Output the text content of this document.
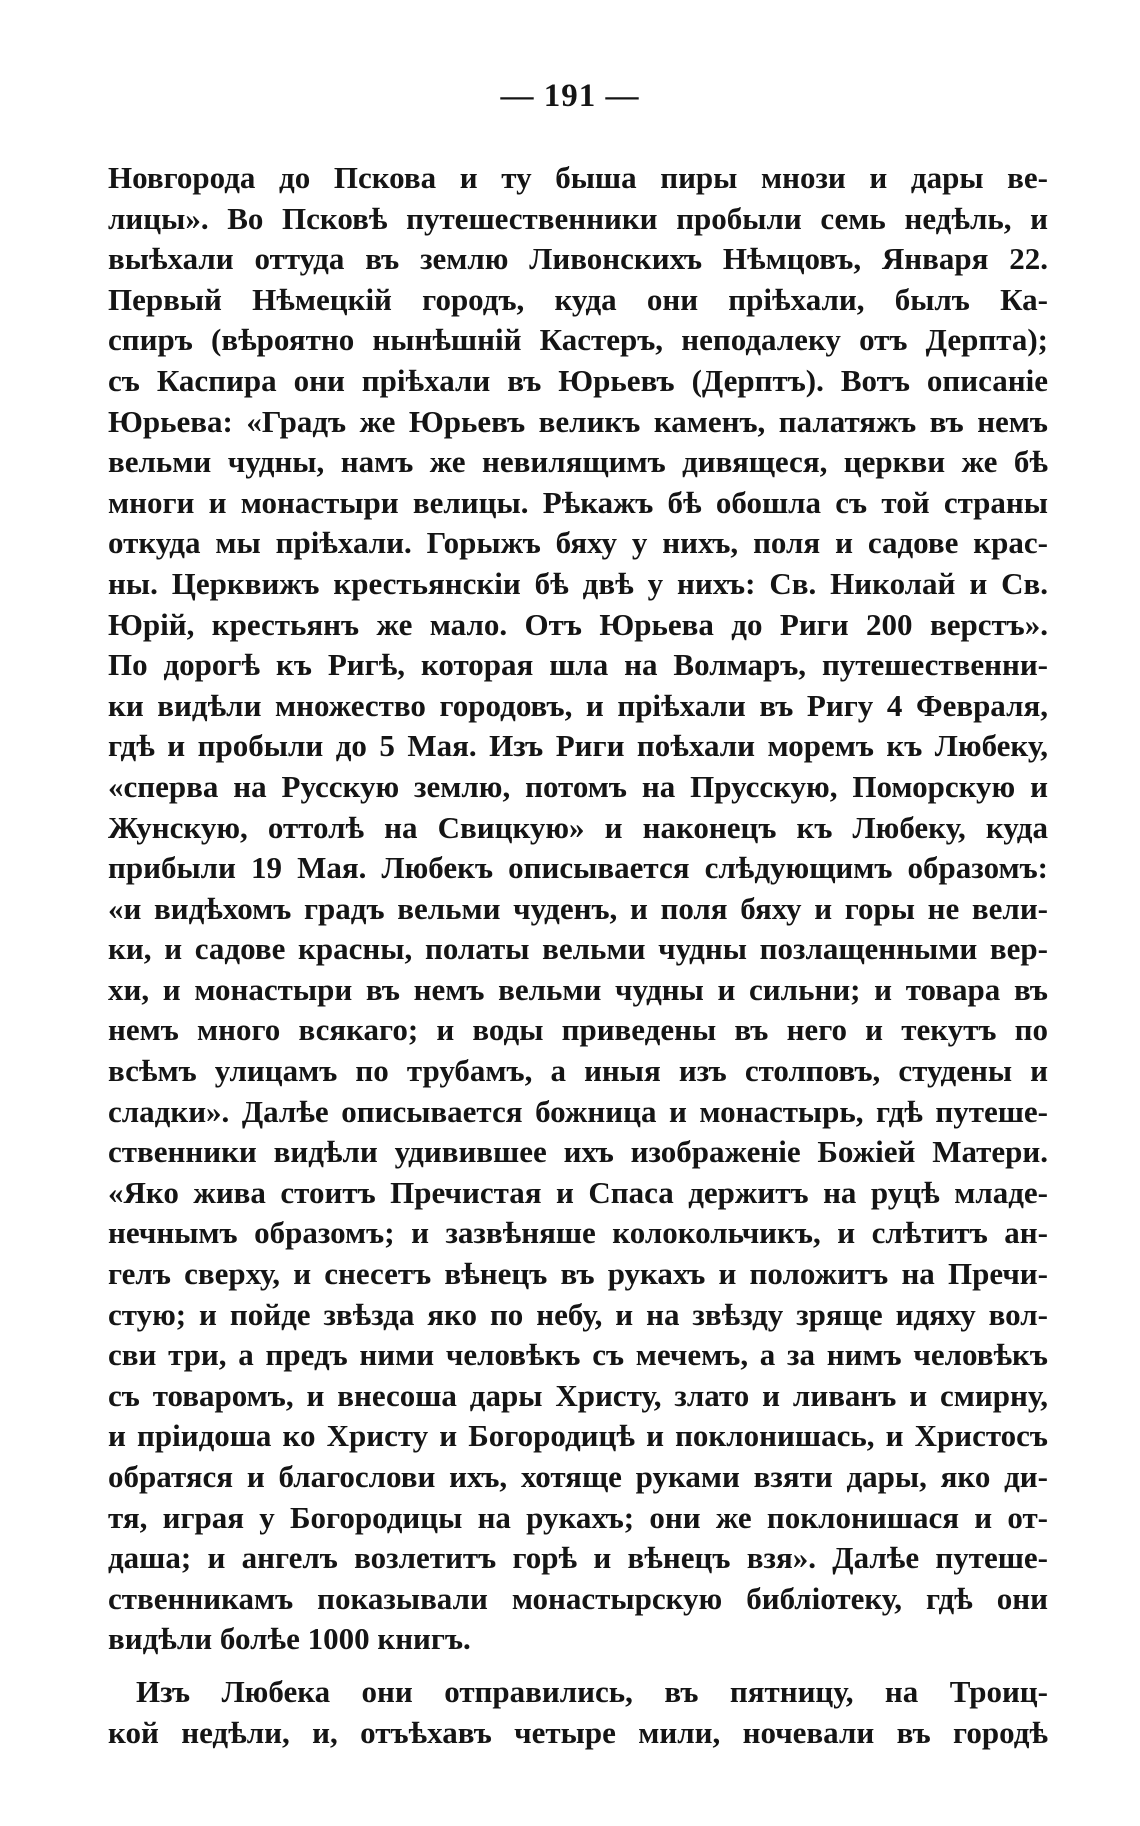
— 191 —
Новгорода до Пскова и ту быша пиры мнози и дары ве-
лицы». Во Псковѣ путешественники пробыли семь недѣль, и
выѣхали оттуда въ землю Ливонскихъ Нѣмцовъ, Января 22.
Первый Нѣмецкій городъ, куда они пріѣхали, былъ Ка-
спиръ (вѣроятно нынѣшній Кастеръ, неподалеку отъ Дерпта);
съ Каспира они пріѣхали въ Юрьевъ (Дерптъ). Вотъ описаніе
Юрьева: «Градъ же Юрьевъ великъ каменъ, палатяжъ въ немъ
вельми чудны, намъ же невилящимъ дивящеся, церкви же бѣ
многи и монастыри велицы. Рѣкажъ бѣ обошла съ той страны
откуда мы пріѣхали. Горыжъ бяху у нихъ, поля и садове крас-
ны. Церквижъ крестьянскіи бѣ двѣ у нихъ: Св. Николай и Св.
Юрій, крестьянъ же мало. Отъ Юрьева до Риги 200 верстъ».
По дорогѣ къ Ригѣ, которая шла на Волмаръ, путешественни-
ки видѣли множество городовъ, и пріѣхали въ Ригу 4 Февраля,
гдѣ и пробыли до 5 Мая. Изъ Риги поѣхали моремъ къ Любеку,
«сперва на Русскую землю, потомъ на Прусскую, Поморскую и
Жунскую, оттолѣ на Свицкую» и наконецъ къ Любеку, куда
прибыли 19 Мая. Любекъ описывается слѣдующимъ образомъ:
«и видѣхомъ градъ вельми чуденъ, и поля бяху и горы не вели-
ки, и садове красны, полаты вельми чудны позлащенными вер-
хи, и монастыри въ немъ вельми чудны и сильни; и товара въ
немъ много всякаго; и воды приведены въ него и текутъ по
всѣмъ улицамъ по трубамъ, а иныя изъ столповъ, студены и
сладки». Далѣе описывается божница и монастырь, гдѣ путеше-
ственники видѣли удивившее ихъ изображеніе Божіей Матери.
«Яко жива стоитъ Пречистая и Спаса держитъ на руцѣ младе-
нечнымъ образомъ; и зазвѣняше колокольчикъ, и слѣтитъ ан-
гелъ сверху, и снесетъ вѣнецъ въ рукахъ и положитъ на Пречи-
стую; и пойде звѣзда яко по небу, и на звѣзду зряще идяху вол-
сви три, а предъ ними человѣкъ съ мечемъ, а за нимъ человѣкъ
съ товаромъ, и внесоша дары Христу, злато и ливанъ и смирну,
и пріидоша ко Христу и Богородицѣ и поклонишась, и Христосъ
обратяся и благослови ихъ, хотяще руками взяти дары, яко ди-
тя, играя у Богородицы на рукахъ; они же поклонишася и от-
даша; и ангелъ возлетитъ горѣ и вѣнецъ взя». Далѣе путеше-
ственникамъ показывали монастырскую библіотеку, гдѣ они
видѣли болѣе 1000 книгъ.
Изъ Любека они отправились, въ пятницу, на Троиц-
кой недѣли, и, отъѣхавъ четыре мили, ночевали въ городѣ
